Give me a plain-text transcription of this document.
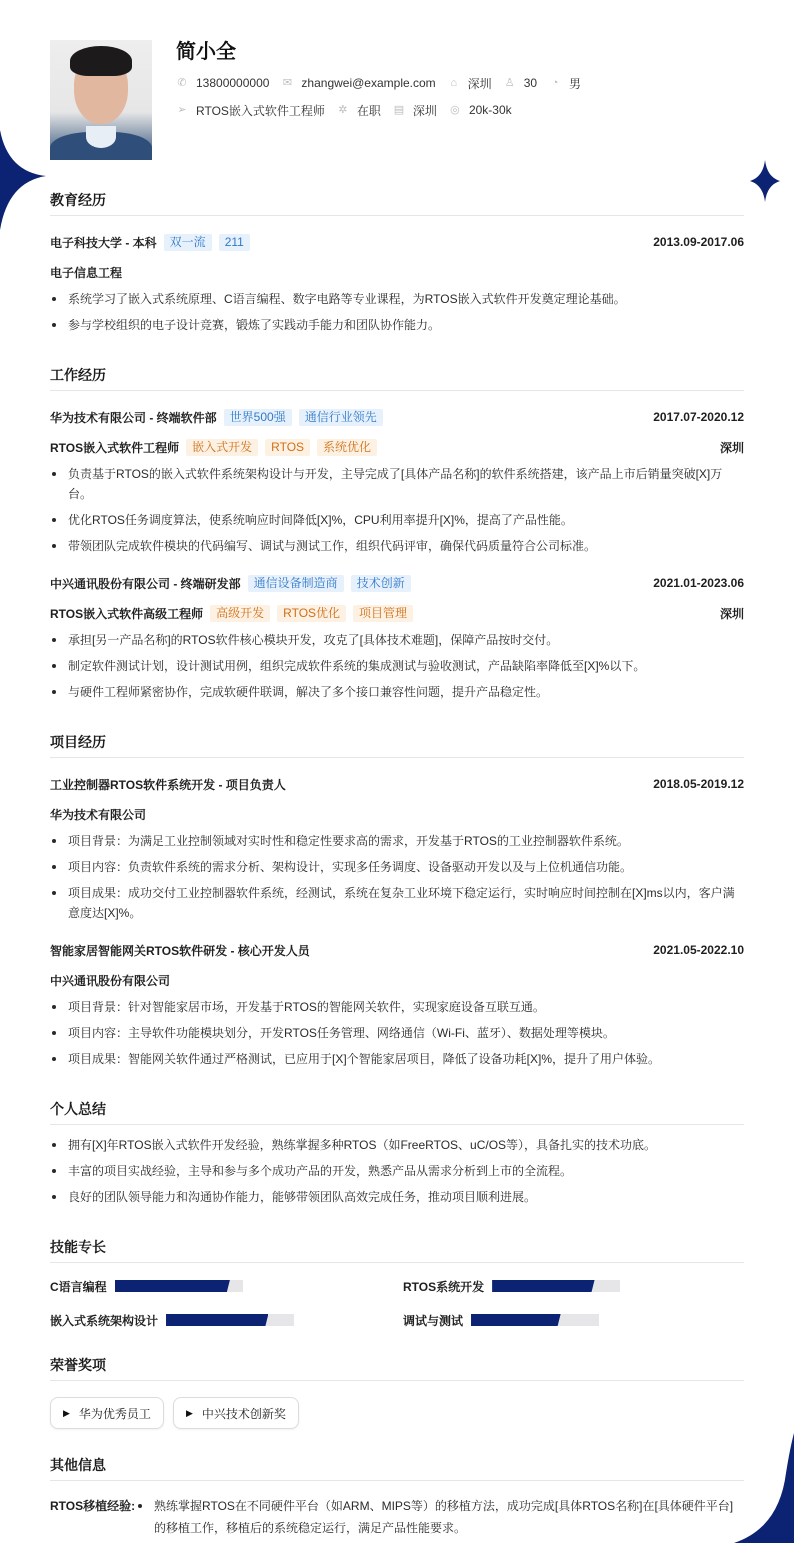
简小全
✆ 13800000000 ✉ zhangwei@example.com ⌂ 深圳 ♙ 30 ◔ 男
➢ RTOS嵌入式软件工程师 ✲ 在职 ▤ 深圳 ◎ 20k-30k
教育经历
电子科技大学 - 本科	双一流	211	2013.09-2017.06
电子信息工程
系统学习了嵌入式系统原理、C语言编程、数字电路等专业课程，为RTOS嵌入式软件开发奠定理论基础。
参与学校组织的电子设计竞赛，锻炼了实践动手能力和团队协作能力。
工作经历
华为技术有限公司 - 终端软件部	世界500强	通信行业领先	2017.07-2020.12
RTOS嵌入式软件工程师	嵌入式开发	RTOS	系统优化	深圳
负责基于RTOS的嵌入式软件系统架构设计与开发，主导完成了[具体产品名称]的软件系统搭建，该产品上市后销量突破[X]万台。
优化RTOS任务调度算法，使系统响应时间降低[X]%，CPU利用率提升[X]%，提高了产品性能。
带领团队完成软件模块的代码编写、调试与测试工作，组织代码评审，确保代码质量符合公司标准。
中兴通讯股份有限公司 - 终端研发部	通信设备制造商	技术创新	2021.01-2023.06
RTOS嵌入式软件高级工程师	高级开发	RTOS优化	项目管理	深圳
承担[另一产品名称]的RTOS软件核心模块开发，攻克了[具体技术难题]，保障产品按时交付。
制定软件测试计划，设计测试用例，组织完成软件系统的集成测试与验收测试，产品缺陷率降低至[X]%以下。
与硬件工程师紧密协作，完成软硬件联调，解决了多个接口兼容性问题，提升产品稳定性。
项目经历
工业控制器RTOS软件系统开发 - 项目负责人	2018.05-2019.12
华为技术有限公司
项目背景：为满足工业控制领域对实时性和稳定性要求高的需求，开发基于RTOS的工业控制器软件系统。
项目内容：负责软件系统的需求分析、架构设计，实现多任务调度、设备驱动开发以及与上位机通信功能。
项目成果：成功交付工业控制器软件系统，经测试，系统在复杂工业环境下稳定运行，实时响应时间控制在[X]ms以内，客户满意度达[X]%。
智能家居智能网关RTOS软件研发 - 核心开发人员	2021.05-2022.10
中兴通讯股份有限公司
项目背景：针对智能家居市场，开发基于RTOS的智能网关软件，实现家庭设备互联互通。
项目内容：主导软件功能模块划分，开发RTOS任务管理、网络通信（Wi-Fi、蓝牙）、数据处理等模块。
项目成果：智能网关软件通过严格测试，已应用于[X]个智能家居项目，降低了设备功耗[X]%，提升了用户体验。
个人总结
拥有[X]年RTOS嵌入式软件开发经验，熟练掌握多种RTOS（如FreeRTOS、uC/OS等），具备扎实的技术功底。
丰富的项目实战经验，主导和参与多个成功产品的开发，熟悉产品从需求分析到上市的全流程。
良好的团队领导能力和沟通协作能力，能够带领团队高效完成任务，推动项目顺利进展。
技能专长
C语言编程	RTOS系统开发
嵌入式系统架构设计	调试与测试
荣誉奖项
▶ 华为优秀员工	▶ 中兴技术创新奖
其他信息
RTOS移植经验:	熟练掌握RTOS在不同硬件平台（如ARM、MIPS等）的移植方法，成功完成[具体RTOS名称]在[具体硬件平台]的移植工作，移植后的系统稳定运行，满足产品性能要求。
